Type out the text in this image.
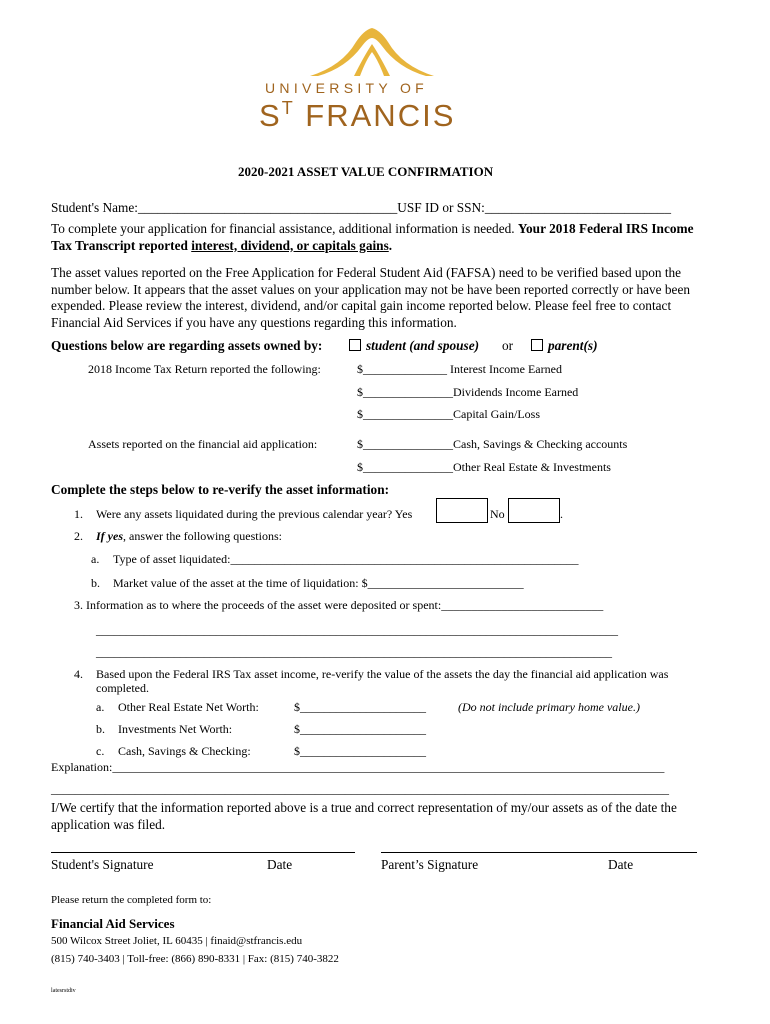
UNIVERSITY OF
$S^T$ FRANCIS
2020-2021 ASSET VALUE CONFIRMATION
Student's Name:_______________________________________USF ID or SSN:____________________________
To complete your application for financial assistance, additional information is needed. Your 2018 Federal IRS Income Tax Transcript reported interest, dividend, or capitals gains.
The asset values reported on the Free Application for Federal Student Aid (FAFSA) need to be verified based upon the number below. It appears that the asset values on your application may not be have been reported correctly or have been expended. Please review the interest, dividend, and/or capital gain income reported below. Please feel free to contact Financial Aid Services if you have any questions regarding this information.
Questions below are regarding assets owned by:	student (and spouse) or	parent(s)
2018 Income Tax Return reported the following:	$______________ Interest Income Earned
$_______________Dividends Income Earned
$_______________Capital Gain/Loss
Assets reported on the financial aid application:	$_______________Cash, Savings & Checking accounts
$_______________Other Real Estate & Investments
Complete the steps below to re-verify the asset information:
1. Were any assets liquidated during the previous calendar year? Yes	No	.
2. If yes, answer the following questions:
a. Type of asset liquidated:__________________________________________________________
b. Market value of the asset at the time of liquidation: $__________________________
3. Information as to where the proceeds of the asset were deposited or spent:___________________________
_______________________________________________________________________________________
______________________________________________________________________________________
4. Based upon the Federal IRS Tax asset income, re-verify the value of the assets the day the financial aid application was
completed.
a. Other Real Estate Net Worth:	$_____________________	(Do not include primary home value.)
b. Investments Net Worth:	$_____________________
c. Cash, Savings & Checking:	$_____________________
Explanation:____________________________________________________________________________________________
_______________________________________________________________________________________________________
I/We certify that the information reported above is a true and correct representation of my/our assets as of the date the application was filed.
Student's Signature	Date	Parent’s Signature	Date
Please return the completed form to:
Financial Aid Services
500 Wilcox Street Joliet, IL 60435 | finaid@stfrancis.edu
(815) 740-3403 | Toll-free: (866) 890-8331 | Fax: (815) 740-3822
latesrstdiv
